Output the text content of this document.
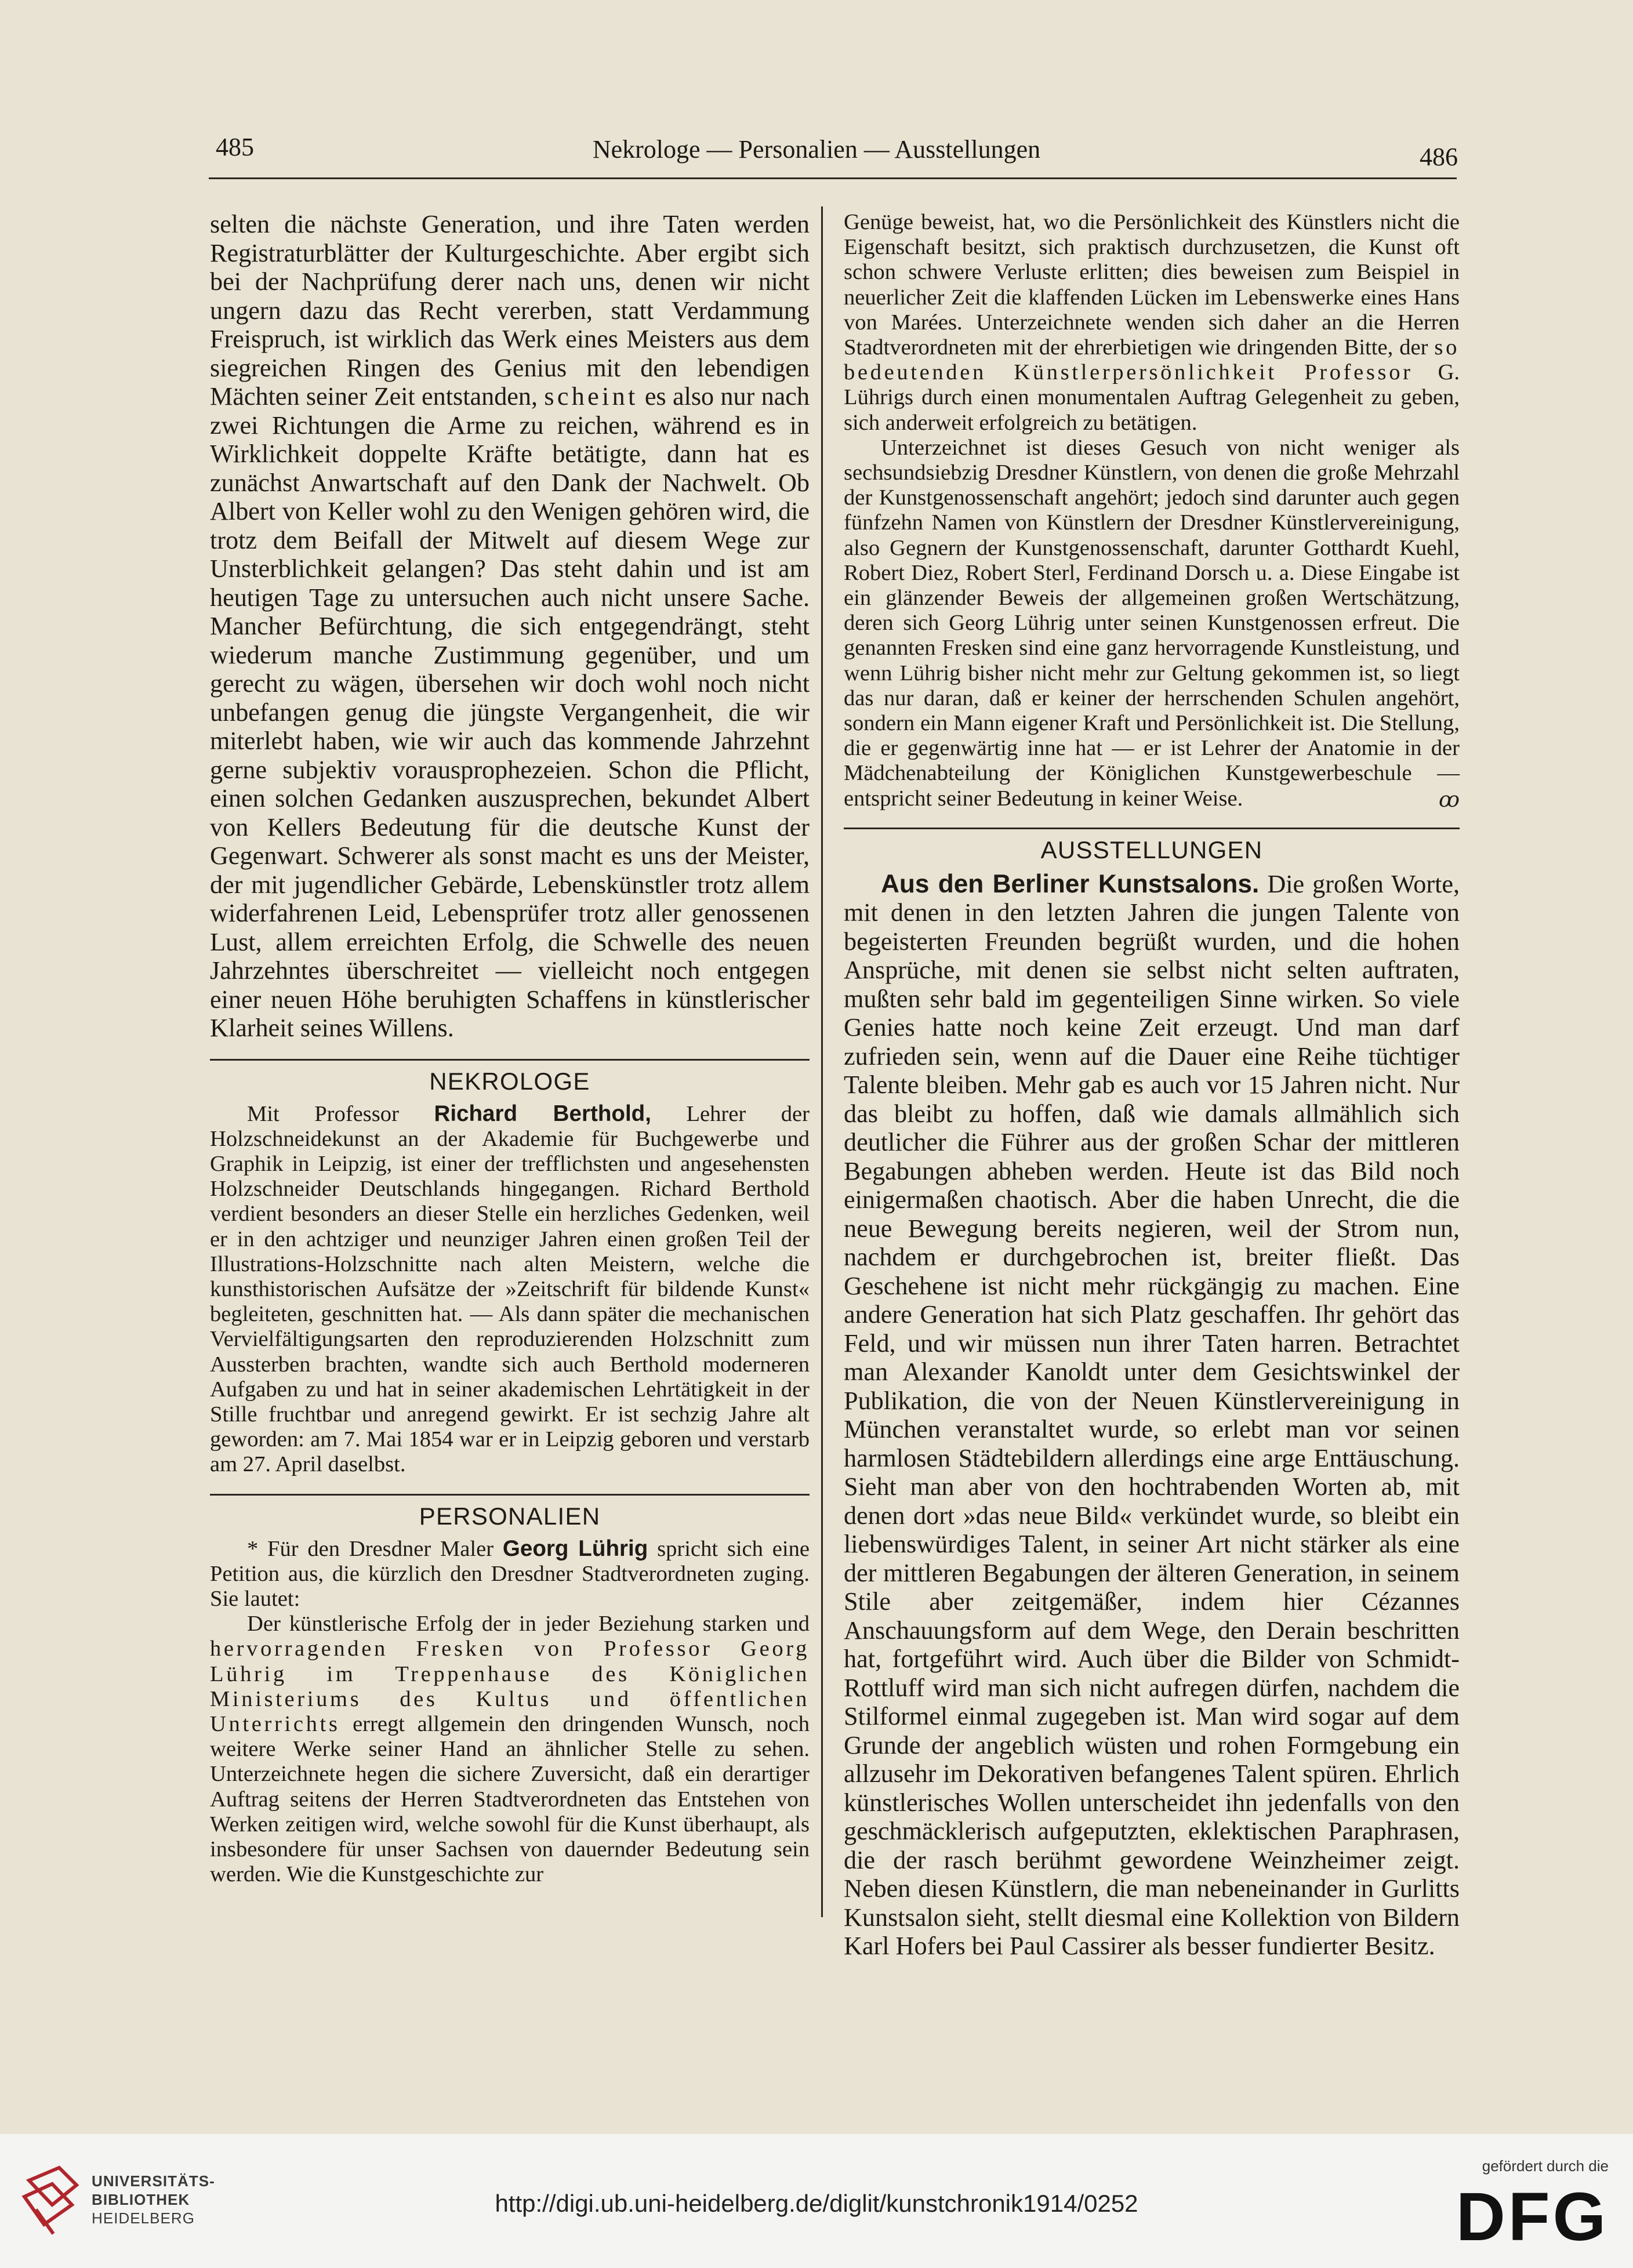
485	Nekrologe — Personalien — Ausstellungen	486

selten die nächste Generation, und ihre Taten werden Registraturblätter der Kulturgeschichte. Aber ergibt sich bei der Nachprüfung derer nach uns, denen wir nicht ungern dazu das Recht vererben, statt Verdammung Freispruch, ist wirklich das Werk eines Meisters aus dem siegreichen Ringen des Genius mit den lebendigen Mächten seiner Zeit entstanden, scheint es also nur nach zwei Richtungen die Arme zu reichen, während es in Wirklichkeit doppelte Kräfte betätigte, dann hat es zunächst Anwartschaft auf den Dank der Nachwelt. Ob Albert von Keller wohl zu den Wenigen gehören wird, die trotz dem Beifall der Mitwelt auf diesem Wege zur Unsterblichkeit gelangen? Das steht dahin und ist am heutigen Tage zu untersuchen auch nicht unsere Sache. Mancher Befürchtung, die sich entgegendrängt, steht wiederum manche Zustimmung gegenüber, und um gerecht zu wägen, übersehen wir doch wohl noch nicht unbefangen genug die jüngste Vergangenheit, die wir miterlebt haben, wie wir auch das kommende Jahrzehnt gerne subjektiv vorausprophezeien. Schon die Pflicht, einen solchen Gedanken auszusprechen, bekundet Albert von Kellers Bedeutung für die deutsche Kunst der Gegenwart. Schwerer als sonst macht es uns der Meister, der mit jugendlicher Gebärde, Lebenskünstler trotz allem widerfahrenen Leid, Lebensprüfer trotz aller genossenen Lust, allem erreichten Erfolg, die Schwelle des neuen Jahrzehntes überschreitet — vielleicht noch entgegen einer neuen Höhe beruhigten Schaffens in künstlerischer Klarheit seines Willens.

NEKROLOGE

Mit Professor Richard Berthold, Lehrer der Holzschneidekunst an der Akademie für Buchgewerbe und Graphik in Leipzig, ist einer der trefflichsten und angesehensten Holzschneider Deutschlands hingegangen. Richard Berthold verdient besonders an dieser Stelle ein herzliches Gedenken, weil er in den achtziger und neunziger Jahren einen großen Teil der Illustrations-Holzschnitte nach alten Meistern, welche die kunsthistorischen Aufsätze der »Zeitschrift für bildende Kunst« begleiteten, geschnitten hat. — Als dann später die mechanischen Vervielfältigungsarten den reproduzierenden Holzschnitt zum Aussterben brachten, wandte sich auch Berthold moderneren Aufgaben zu und hat in seiner akademischen Lehrtätigkeit in der Stille fruchtbar und anregend gewirkt. Er ist sechzig Jahre alt geworden: am 7. Mai 1854 war er in Leipzig geboren und verstarb am 27. April daselbst.

PERSONALIEN

* Für den Dresdner Maler Georg Lührig spricht sich eine Petition aus, die kürzlich den Dresdner Stadtverordneten zuging. Sie lautet:

Der künstlerische Erfolg der in jeder Beziehung starken und hervorragenden Fresken von Professor Georg Lührig im Treppenhause des Königlichen Ministeriums des Kultus und öffentlichen Unterrichts erregt allgemein den dringenden Wunsch, noch weitere Werke seiner Hand an ähnlicher Stelle zu sehen. Unterzeichnete hegen die sichere Zuversicht, daß ein derartiger Auftrag seitens der Herren Stadtverordneten das Entstehen von Werken zeitigen wird, welche sowohl für die Kunst überhaupt, als insbesondere für unser Sachsen von dauernder Bedeutung sein werden. Wie die Kunstgeschichte zur

Genüge beweist, hat, wo die Persönlichkeit des Künstlers nicht die Eigenschaft besitzt, sich praktisch durchzusetzen, die Kunst oft schon schwere Verluste erlitten; dies beweisen zum Beispiel in neuerlicher Zeit die klaffenden Lücken im Lebenswerke eines Hans von Marées. Unterzeichnete wenden sich daher an die Herren Stadtverordneten mit der ehrerbietigen wie dringenden Bitte, der so bedeutenden Künstlerpersönlichkeit Professor G. Lührigs durch einen monumentalen Auftrag Gelegenheit zu geben, sich anderweit erfolgreich zu betätigen.

Unterzeichnet ist dieses Gesuch von nicht weniger als sechsundsiebzig Dresdner Künstlern, von denen die große Mehrzahl der Kunstgenossenschaft angehört; jedoch sind darunter auch gegen fünfzehn Namen von Künstlern der Dresdner Künstlervereinigung, also Gegnern der Kunstgenossenschaft, darunter Gotthardt Kuehl, Robert Diez, Robert Sterl, Ferdinand Dorsch u. a. Diese Eingabe ist ein glänzender Beweis der allgemeinen großen Wertschätzung, deren sich Georg Lührig unter seinen Kunstgenossen erfreut. Die genannten Fresken sind eine ganz hervorragende Kunstleistung, und wenn Lührig bisher nicht mehr zur Geltung gekommen ist, so liegt das nur daran, daß er keiner der herrschenden Schulen angehört, sondern ein Mann eigener Kraft und Persönlichkeit ist. Die Stellung, die er gegenwärtig inne hat — er ist Lehrer der Anatomie in der Mädchenabteilung der Königlichen Kunstgewerbeschule — entspricht seiner Bedeutung in keiner Weise.	ꝏ

AUSSTELLUNGEN

Aus den Berliner Kunstsalons. Die großen Worte, mit denen in den letzten Jahren die jungen Talente von begeisterten Freunden begrüßt wurden, und die hohen Ansprüche, mit denen sie selbst nicht selten auftraten, mußten sehr bald im gegenteiligen Sinne wirken. So viele Genies hatte noch keine Zeit erzeugt. Und man darf zufrieden sein, wenn auf die Dauer eine Reihe tüchtiger Talente bleiben. Mehr gab es auch vor 15 Jahren nicht. Nur das bleibt zu hoffen, daß wie damals allmählich sich deutlicher die Führer aus der großen Schar der mittleren Begabungen abheben werden. Heute ist das Bild noch einigermaßen chaotisch. Aber die haben Unrecht, die die neue Bewegung bereits negieren, weil der Strom nun, nachdem er durchgebrochen ist, breiter fließt. Das Geschehene ist nicht mehr rückgängig zu machen. Eine andere Generation hat sich Platz geschaffen. Ihr gehört das Feld, und wir müssen nun ihrer Taten harren. Betrachtet man Alexander Kanoldt unter dem Gesichtswinkel der Publikation, die von der Neuen Künstlervereinigung in München veranstaltet wurde, so erlebt man vor seinen harmlosen Städtebildern allerdings eine arge Enttäuschung. Sieht man aber von den hochtrabenden Worten ab, mit denen dort »das neue Bild« verkündet wurde, so bleibt ein liebenswürdiges Talent, in seiner Art nicht stärker als eine der mittleren Begabungen der älteren Generation, in seinem Stile aber zeitgemäßer, indem hier Cézannes Anschauungsform auf dem Wege, den Derain beschritten hat, fortgeführt wird. Auch über die Bilder von Schmidt-Rottluff wird man sich nicht aufregen dürfen, nachdem die Stilformel einmal zugegeben ist. Man wird sogar auf dem Grunde der angeblich wüsten und rohen Formgebung ein allzusehr im Dekorativen befangenes Talent spüren. Ehrlich künstlerisches Wollen unterscheidet ihn jedenfalls von den geschmäcklerisch aufgeputzten, eklektischen Paraphrasen, die der rasch berühmt gewordene Weinzheimer zeigt. Neben diesen Künstlern, die man nebeneinander in Gurlitts Kunstsalon sieht, stellt diesmal eine Kollektion von Bildern Karl Hofers bei Paul Cassirer als besser fundierter Besitz.

UNIVERSITÄTS-
BIBLIOTHEK
HEIDELBERG
http://digi.ub.uni-heidelberg.de/diglit/kunstchronik1914/0252
gefördert durch die
DFG
